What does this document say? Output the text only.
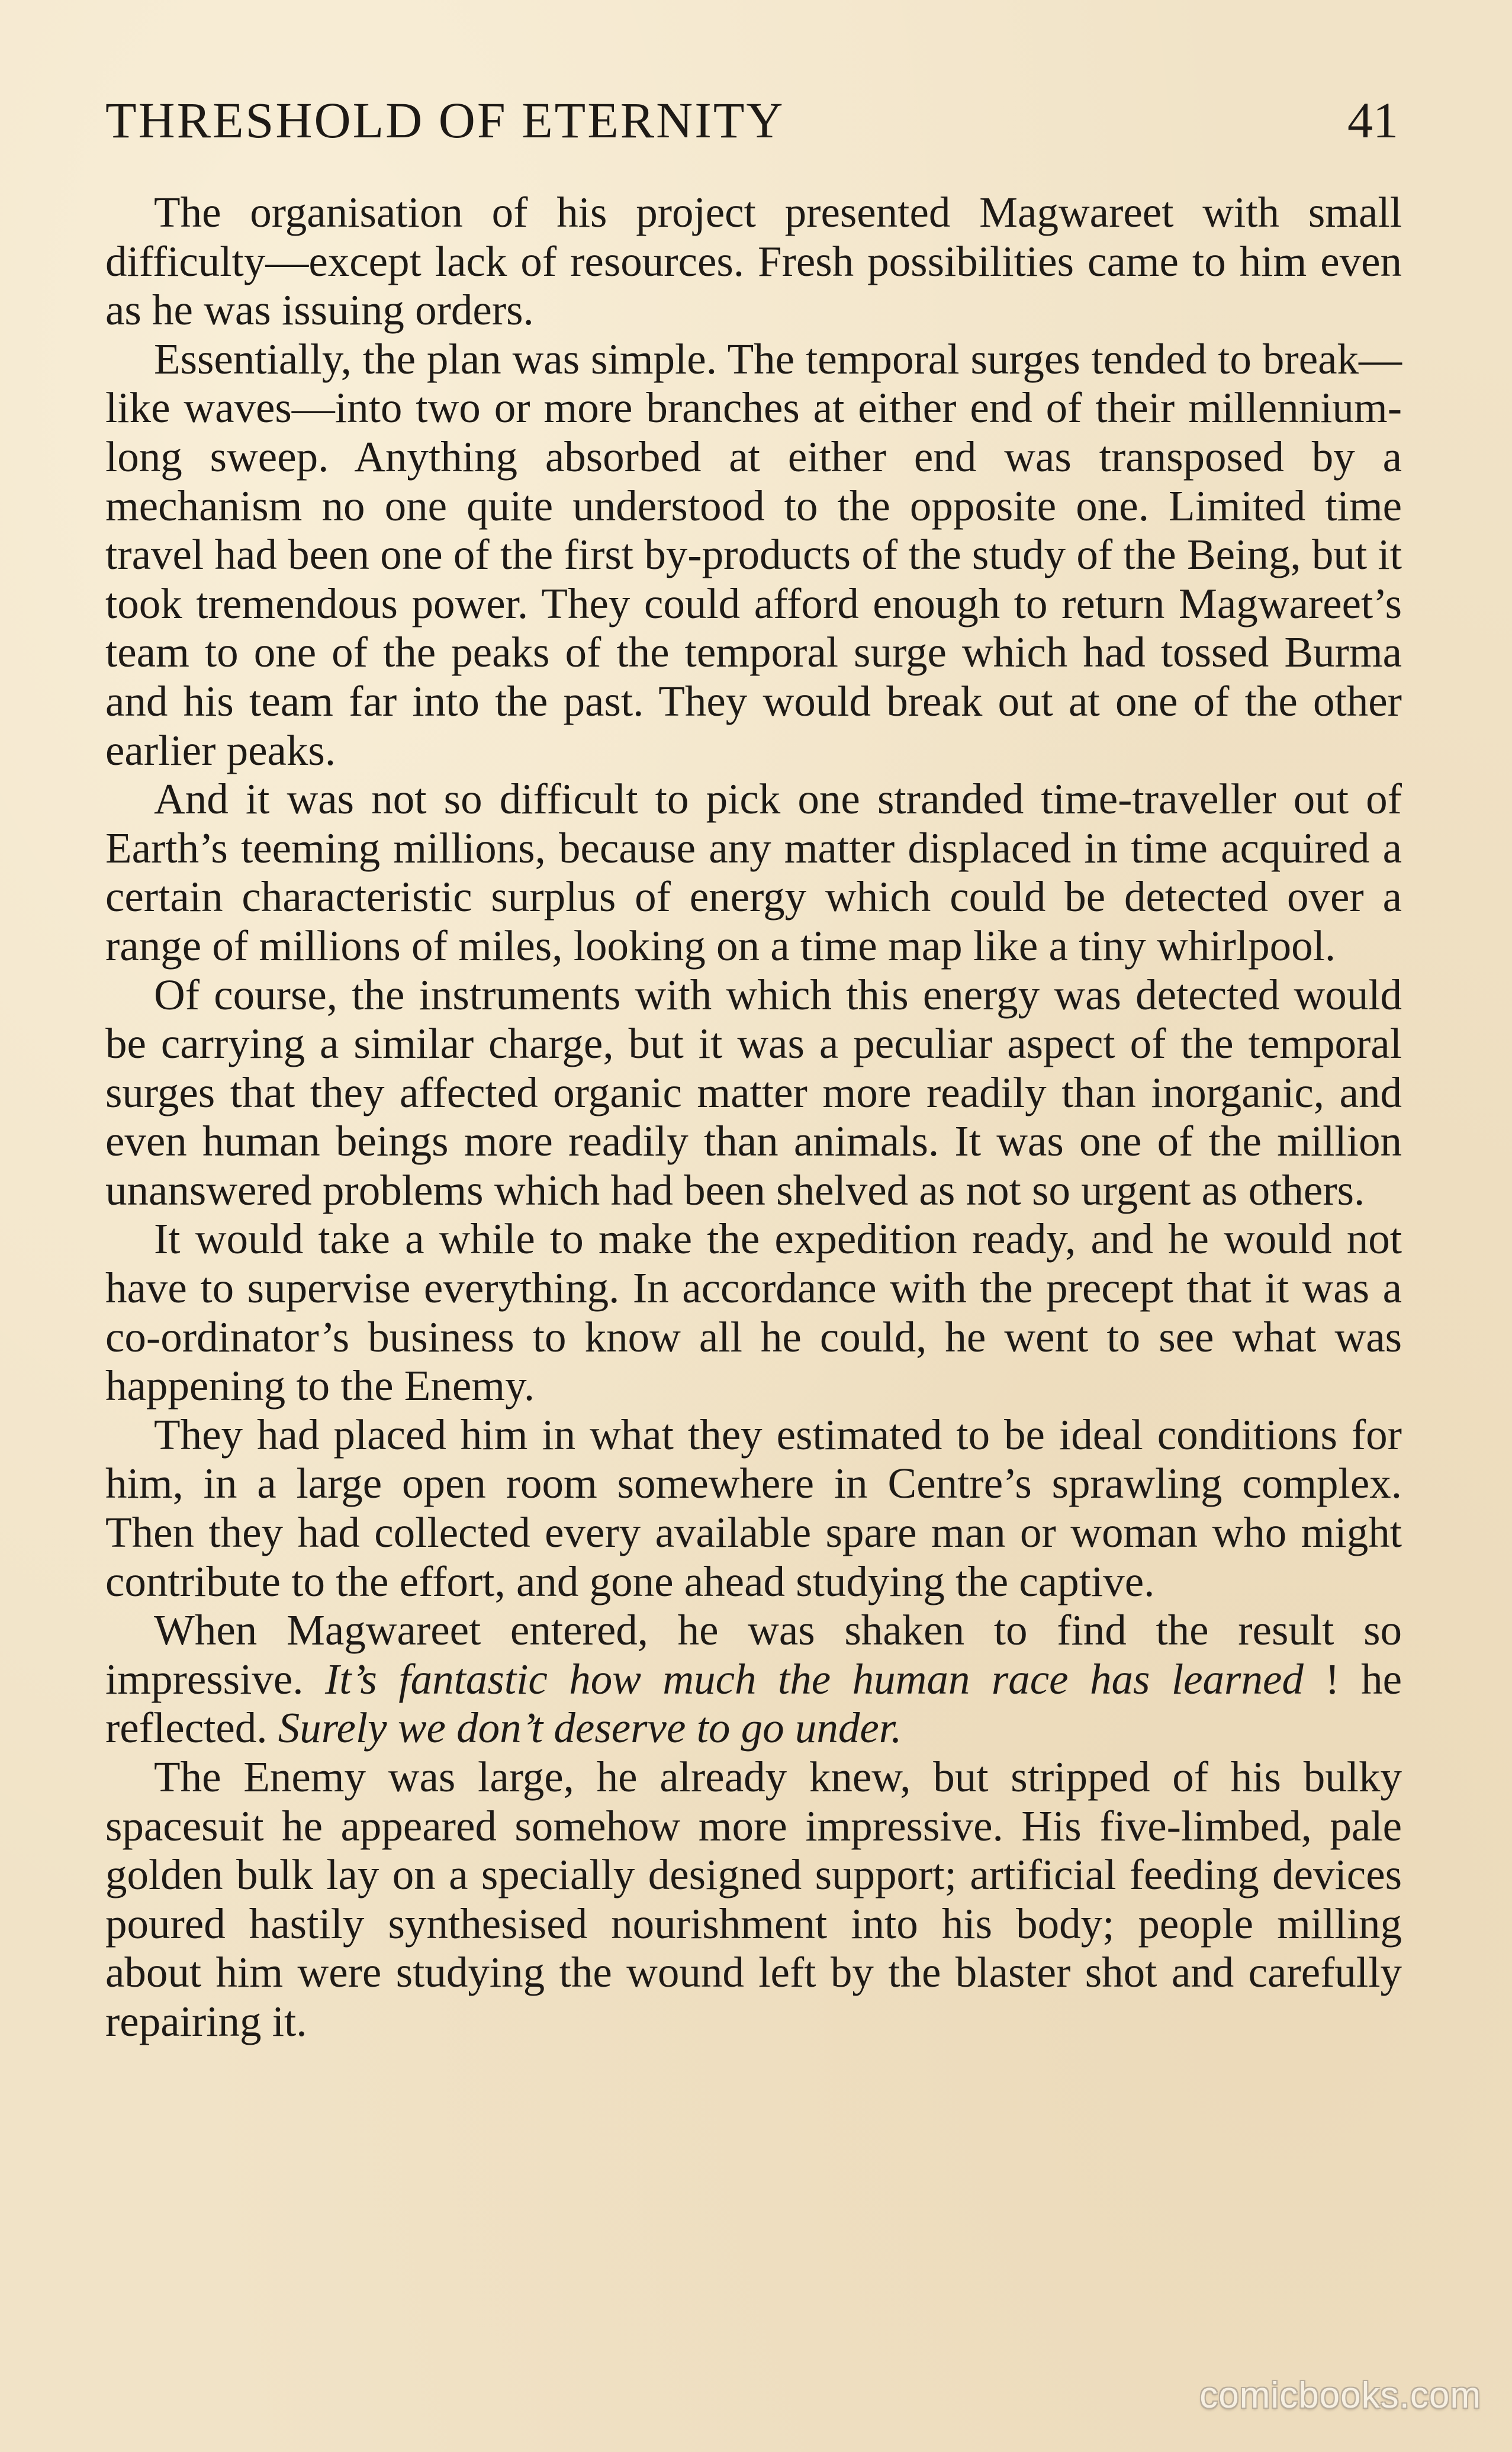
THRESHOLD OF ETERNITY	41

The organisation of his project presented Magwareet with small difficulty—except lack of resources. Fresh possibilities came to him even as he was issuing orders.

Essentially, the plan was simple. The temporal surges tended to break—like waves—into two or more branches at either end of their millennium-long sweep. Anything absorbed at either end was transposed by a mechanism no one quite understood to the opposite one. Limited time travel had been one of the first by-products of the study of the Being, but it took tremendous power. They could afford enough to return Magwareet’s team to one of the peaks of the temporal surge which had tossed Burma and his team far into the past. They would break out at one of the other earlier peaks.

And it was not so difficult to pick one stranded time-traveller out of Earth’s teeming millions, because any matter displaced in time acquired a certain characteristic surplus of energy which could be detected over a range of millions of miles, looking on a time map like a tiny whirlpool.

Of course, the instruments with which this energy was detected would be carrying a similar charge, but it was a peculiar aspect of the temporal surges that they affected organic matter more readily than inorganic, and even human beings more readily than animals. It was one of the million unanswered problems which had been shelved as not so urgent as others.

It would take a while to make the expedition ready, and he would not have to supervise everything. In accordance with the precept that it was a co-ordinator’s business to know all he could, he went to see what was happening to the Enemy.

They had placed him in what they estimated to be ideal conditions for him, in a large open room somewhere in Centre’s sprawling complex. Then they had collected every available spare man or woman who might contribute to the effort, and gone ahead studying the captive.

When Magwareet entered, he was shaken to find the result so impressive. It’s fantastic how much the human race has learned ! he reflected. Surely we don’t deserve to go under.

The Enemy was large, he already knew, but stripped of his bulky spacesuit he appeared somehow more impressive. His five-limbed, pale golden bulk lay on a specially designed support; artificial feeding devices poured hastily synthesised nourishment into his body; people milling about him were studying the wound left by the blaster shot and carefully repairing it.

comicbooks.com
